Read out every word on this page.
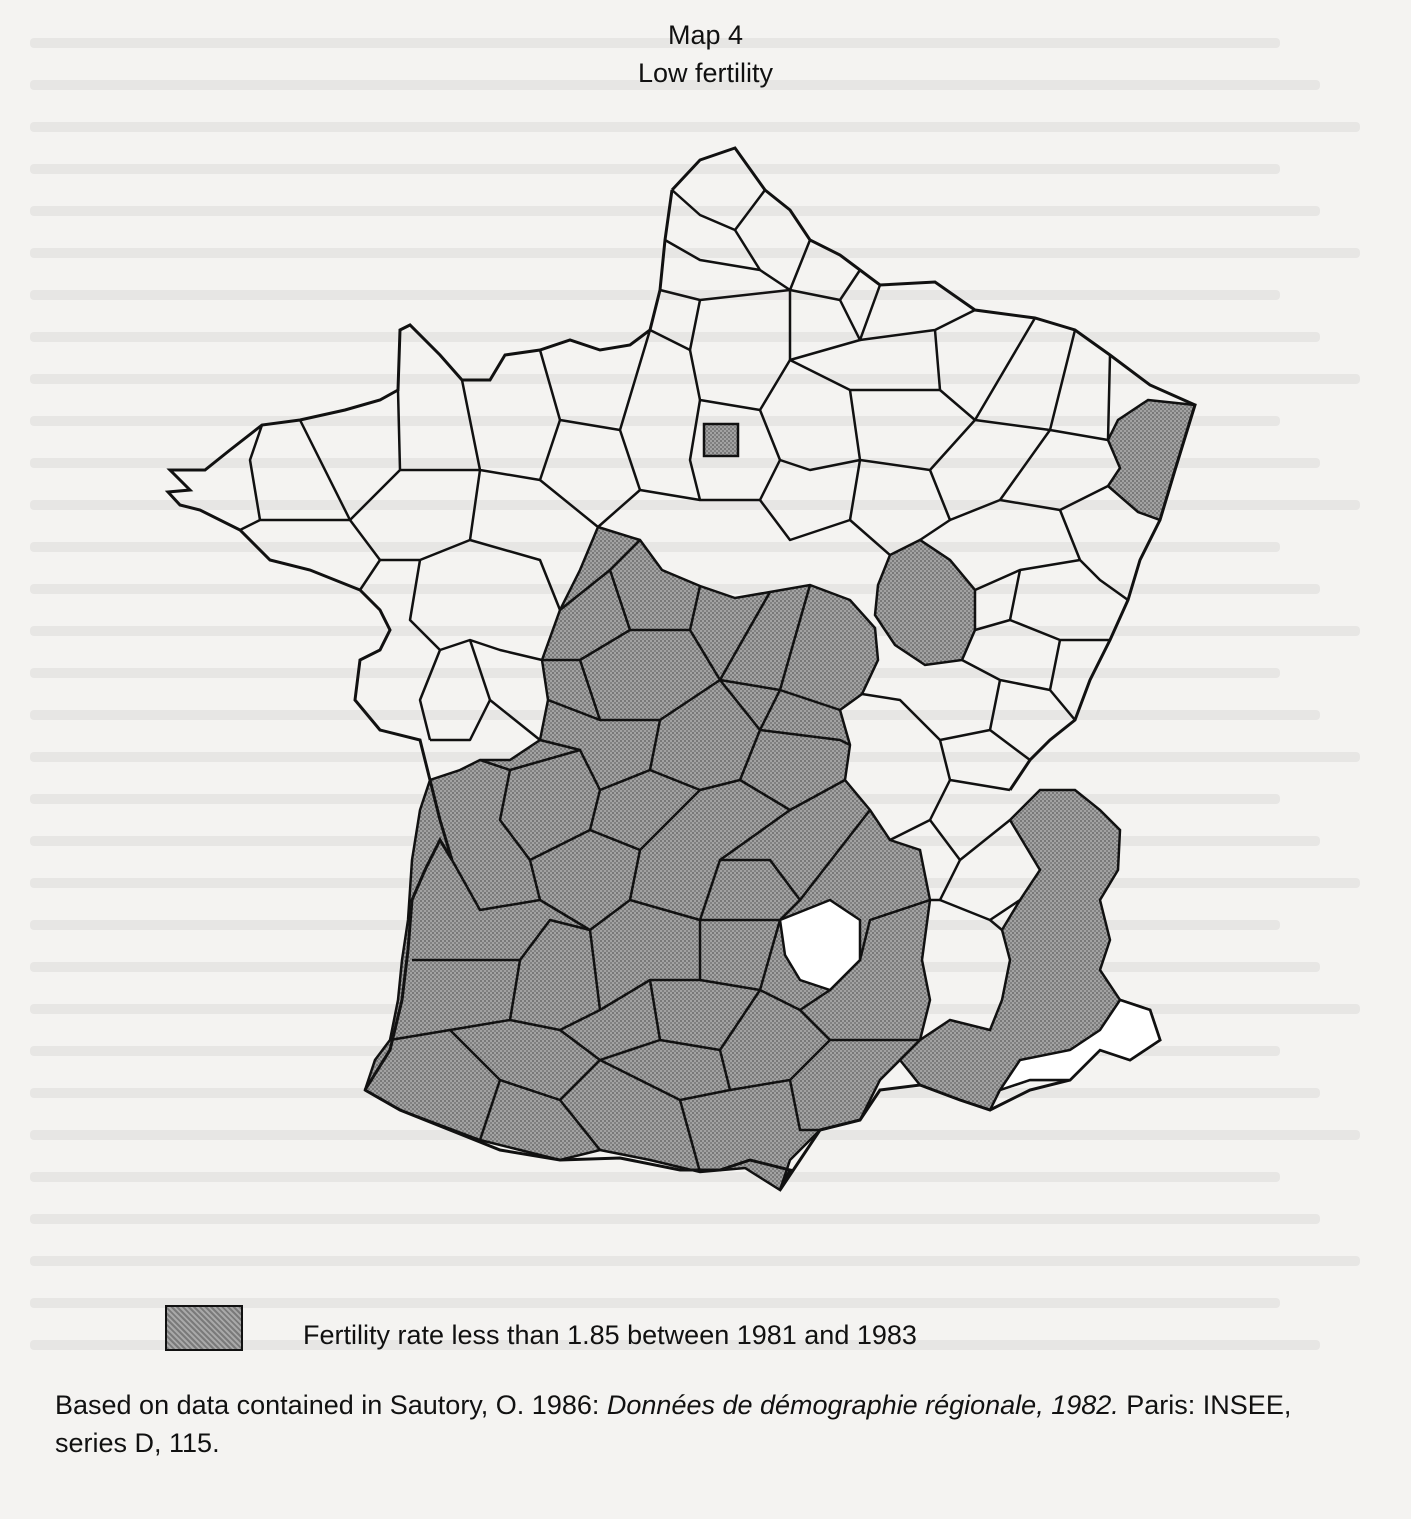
Map 4
Low fertility
Fertility rate less than 1.85 between 1981 and 1983
Based on data contained in Sautory, O. 1986: Données de démographie régionale, 1982. Paris: INSEE, series D, 115.
